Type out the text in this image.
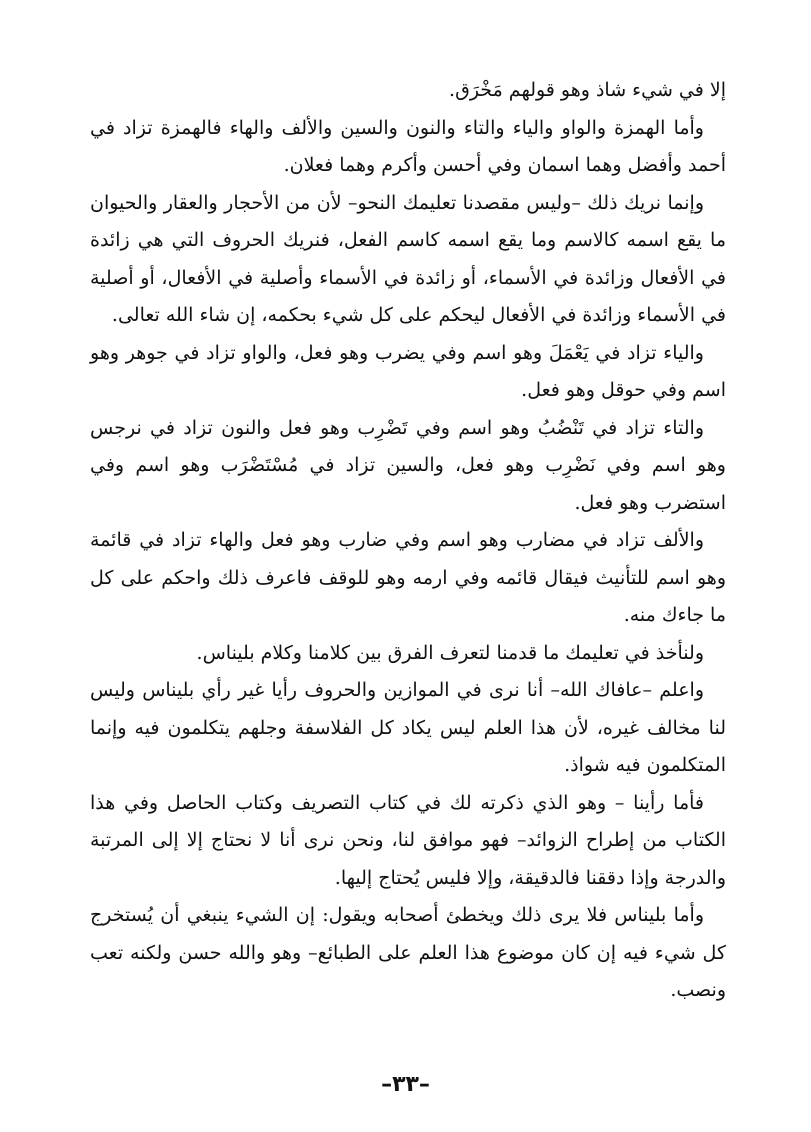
إلا في شيء شاذ وهو قولهم مَخْرَق.

وأما الهمزة والواو والياء والتاء والنون والسين والألف والهاء فالهمزة تزاد في أحمد وأفضل وهما اسمان وفي أحسن وأكرم وهما فعلان.

وإنما نريك ذلك –وليس مقصدنا تعليمك النحو– لأن من الأحجار والعقار والحيوان ما يقع اسمه كالاسم وما يقع اسمه كاسم الفعل، فنريك الحروف التي هي زائدة في الأفعال وزائدة في الأسماء، أو زائدة في الأسماء وأصلية في الأفعال، أو أصلية في الأسماء وزائدة في الأفعال ليحكم على كل شيء بحكمه، إن شاء الله تعالى.

والياء تزاد في يَعْمَلَ وهو اسم وفي يضرب وهو فعل، والواو تزاد في جوهر وهو اسم وفي حوقل وهو فعل.

والتاء تزاد في تَنْضُبُ وهو اسم وفي تَضْرِب وهو فعل والنون تزاد في نرجس وهو اسم وفي نَضْرِب وهو فعل، والسين تزاد في مُسْتَضْرَب وهو اسم وفي استضرب وهو فعل.

والألف تزاد في مضارب وهو اسم وفي ضارب وهو فعل والهاء تزاد في قائمة وهو اسم للتأنيث فيقال قائمه وفي ارمه وهو للوقف فاعرف ذلك واحكم على كل ما جاءك منه.

ولنأخذ في تعليمك ما قدمنا لتعرف الفرق بين كلامنا وكلام بليناس.

واعلم –عافاك الله– أنا نرى في الموازين والحروف رأيا غير رأي بليناس وليس لنا مخالف غيره، لأن هذا العلم ليس يكاد كل الفلاسفة وجلهم يتكلمون فيه وإنما المتكلمون فيه شواذ.

فأما رأينا – وهو الذي ذكرته لك في كتاب التصريف وكتاب الحاصل وفي هذا الكتاب من إطراح الزوائد– فهو موافق لنا، ونحن نرى أنا لا نحتاج إلا إلى المرتبة والدرجة وإذا دققنا فالدقيقة، وإلا فليس يُحتاج إليها.

وأما بليناس فلا يرى ذلك ويخطئ أصحابه ويقول: إن الشيء ينبغي أن يُستخرج كل شيء فيه إن كان موضوع هذا العلم على الطبائع– وهو والله حسن ولكنه تعب ونصب.

–٣٣–
